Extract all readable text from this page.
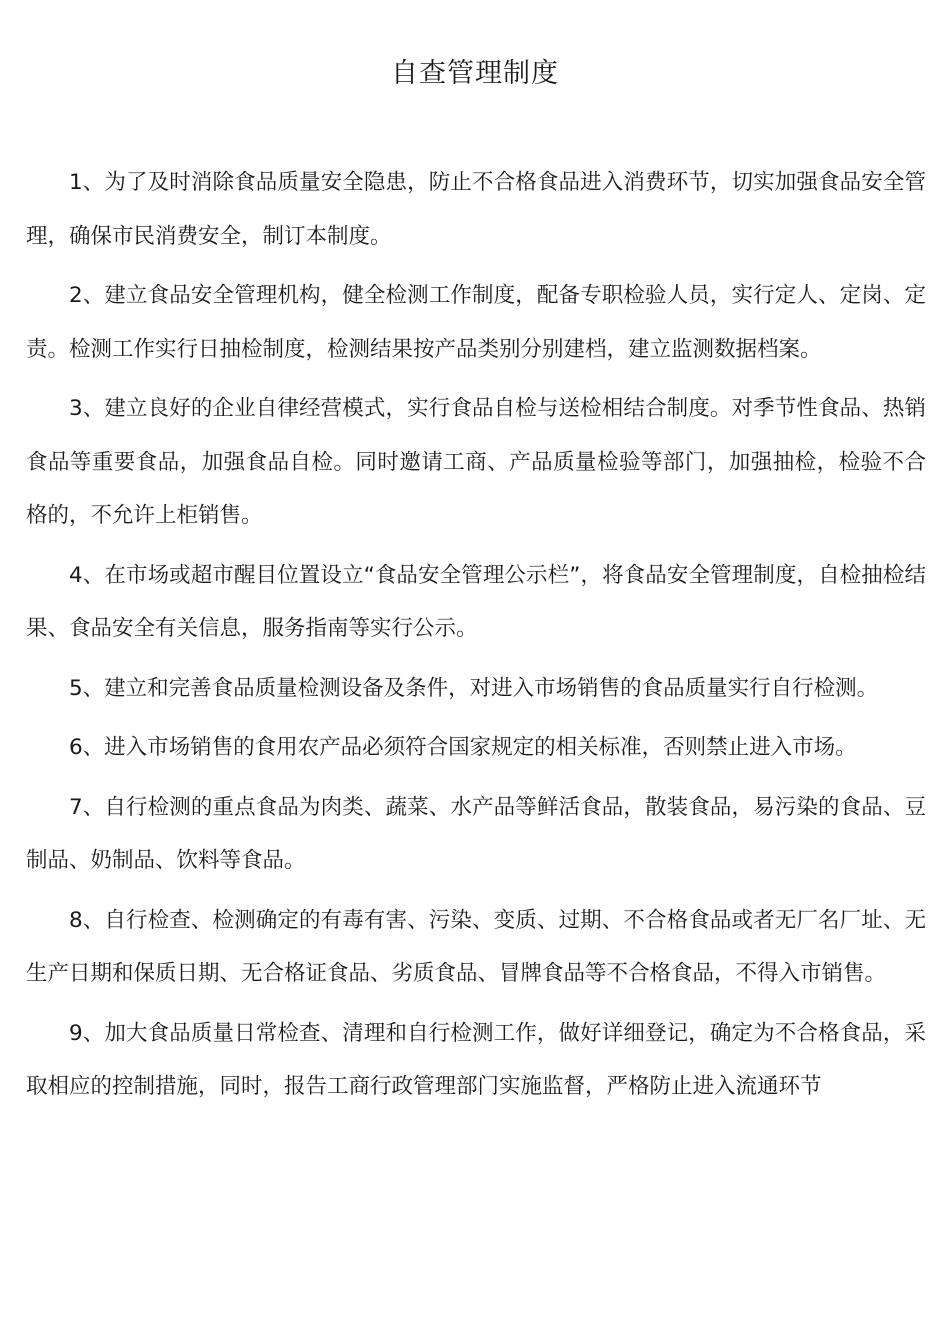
自查管理制度

1、为了及时消除食品质量安全隐患，防止不合格食品进入消费环节，切实加强食品安全管理，确保市民消费安全，制订本制度。

2、建立食品安全管理机构，健全检测工作制度，配备专职检验人员，实行定人、定岗、定责。检测工作实行日抽检制度，检测结果按产品类别分别建档，建立监测数据档案。

3、建立良好的企业自律经营模式，实行食品自检与送检相结合制度。对季节性食品、热销食品等重要食品，加强食品自检。同时邀请工商、产品质量检验等部门，加强抽检，检验不合格的，不允许上柜销售。

4、在市场或超市醒目位置设立“食品安全管理公示栏”，将食品安全管理制度，自检抽检结果、食品安全有关信息，服务指南等实行公示。

5、建立和完善食品质量检测设备及条件，对进入市场销售的食品质量实行自行检测。

6、进入市场销售的食用农产品必须符合国家规定的相关标准，否则禁止进入市场。

7、自行检测的重点食品为肉类、蔬菜、水产品等鲜活食品，散装食品，易污染的食品、豆制品、奶制品、饮料等食品。

8、自行检查、检测确定的有毒有害、污染、变质、过期、不合格食品或者无厂名厂址、无生产日期和保质日期、无合格证食品、劣质食品、冒牌食品等不合格食品，不得入市销售。

9、加大食品质量日常检查、清理和自行检测工作，做好详细登记，确定为不合格食品，采取相应的控制措施，同时，报告工商行政管理部门实施监督，严格防止进入流通环节
